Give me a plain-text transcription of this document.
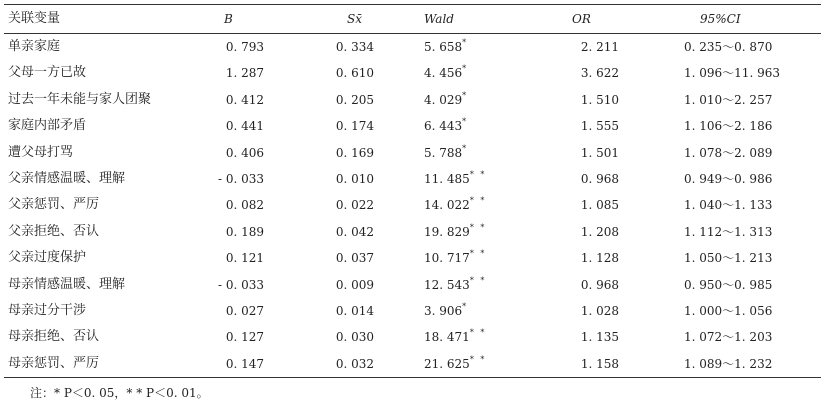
关联变量	B	Sx̄	Wald	OR	95%CI
单亲家庭	0. 793	0. 334	5. 658*	2. 211	0. 235～0. 870
父母一方已故	1. 287	0. 610	4. 456*	3. 622	1. 096～11. 963
过去一年未能与家人团聚	0. 412	0. 205	4. 029*	1. 510	1. 010～2. 257
家庭内部矛盾	0. 441	0. 174	6. 443*	1. 555	1. 106～2. 186
遭父母打骂	0. 406	0. 169	5. 788*	1. 501	1. 078～2. 089
父亲情感温暖、理解	- 0. 033	0. 010	11. 485* *	0. 968	0. 949～0. 986
父亲惩罚、严厉	0. 082	0. 022	14. 022* *	1. 085	1. 040～1. 133
父亲拒绝、否认	0. 189	0. 042	19. 829* *	1. 208	1. 112～1. 313
父亲过度保护	0. 121	0. 037	10. 717* *	1. 128	1. 050～1. 213
母亲情感温暖、理解	- 0. 033	0. 009	12. 543* *	0. 968	0. 950～0. 985
母亲过分干涉	0. 027	0. 014	3. 906*	1. 028	1. 000～1. 056
母亲拒绝、否认	0. 127	0. 030	18. 471* *	1. 135	1. 072～1. 203
母亲惩罚、严厉	0. 147	0. 032	21. 625* *	1. 158	1. 089～1. 232
注：* P＜0. 05，* * P＜0. 01。
